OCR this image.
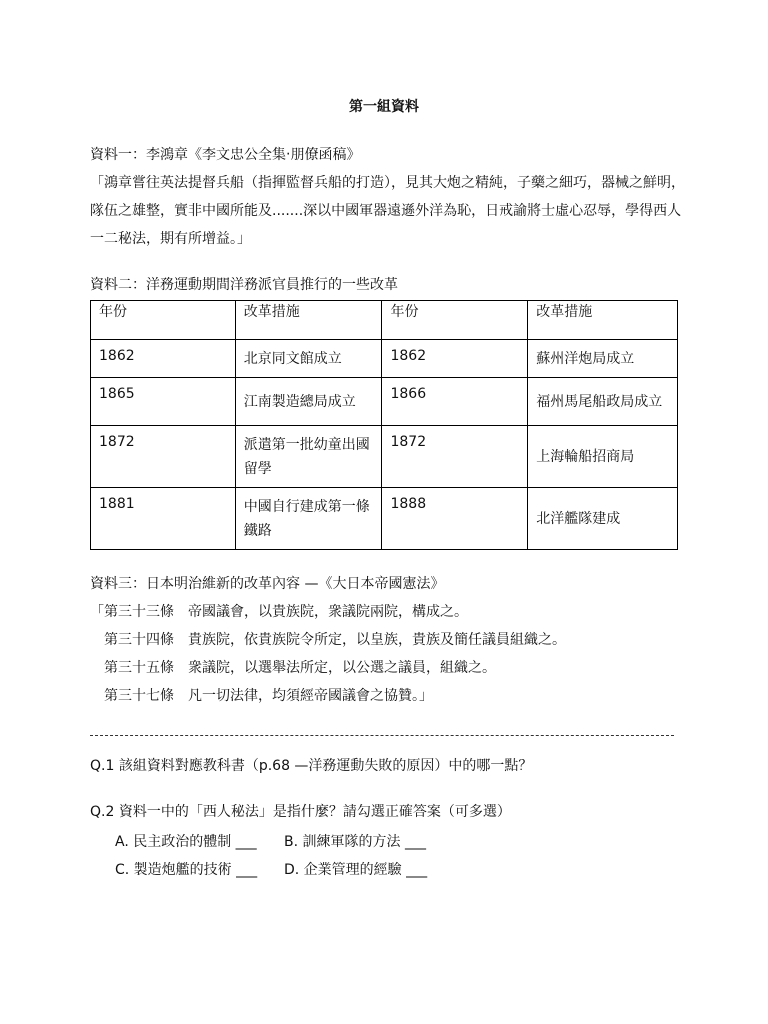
第一組資料
資料一：李鴻章《李文忠公全集‧朋僚函稿》
「鴻章嘗往英法提督兵船（指揮監督兵船的打造），見其大炮之精純，子藥之細巧，器械之鮮明，
隊伍之雄整，實非中國所能及.......深以中國軍器遠遜外洋為恥，日戒諭將士虛心忍辱，學得西人
一二秘法，期有所增益。」
資料二：洋務運動期間洋務派官員推行的一些改革
年份	改革措施	年份	改革措施
1862	北京同文館成立	1862	蘇州洋炮局成立
1865	江南製造總局成立	1866	福州馬尾船政局成立
1872	派遣第一批幼童出國留學	1872	上海輪船招商局
1881	中國自行建成第一條鐵路	1888	北洋艦隊建成
資料三：日本明治維新的改革內容 —《大日本帝國憲法》
「第三十三條　帝國議會，以貴族院，衆議院兩院，構成之。
　第三十四條　貴族院，依貴族院令所定，以皇族，貴族及簡任議員組織之。
　第三十五條　衆議院，以選舉法所定，以公選之議員，組織之。
　第三十七條　凡一切法律，均須經帝國議會之協贊。」
Q.1 該組資料對應教科書（p.68 —洋務運動失敗的原因）中的哪一點？
Q.2 資料一中的「西人秘法」是指什麼？請勾選正確答案（可多選）
A. 民主政治的體制 ___ B. 訓練軍隊的方法 ___
C. 製造炮艦的技術 ___ D. 企業管理的經驗 ___
